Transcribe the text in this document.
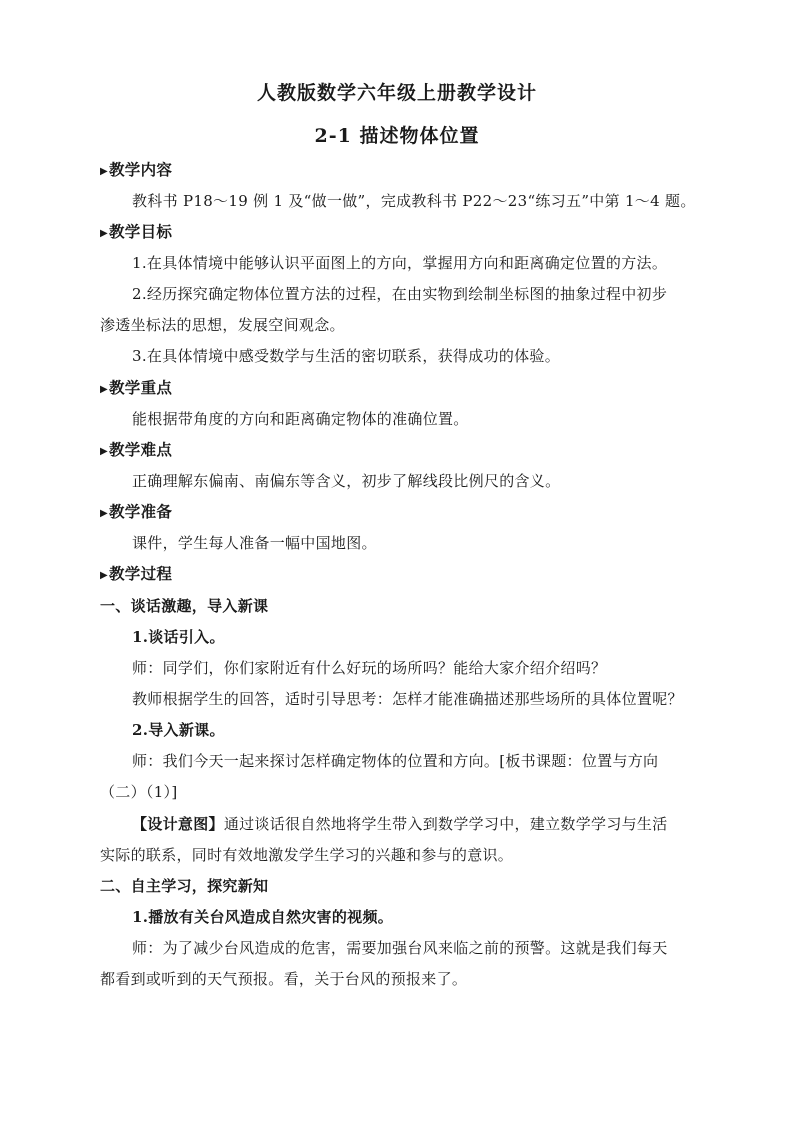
人教版数学六年级上册教学设计
2-1 描述物体位置
▶教学内容
教科书 P18～19 例 1 及“做一做”，完成教科书 P22～23“练习五”中第 1～4 题。
▶教学目标
1.在具体情境中能够认识平面图上的方向，掌握用方向和距离确定位置的方法。
2.经历探究确定物体位置方法的过程，在由实物到绘制坐标图的抽象过程中初步
渗透坐标法的思想，发展空间观念。
3.在具体情境中感受数学与生活的密切联系，获得成功的体验。
▶教学重点
能根据带角度的方向和距离确定物体的准确位置。
▶教学难点
正确理解东偏南、南偏东等含义，初步了解线段比例尺的含义。
▶教学准备
课件，学生每人准备一幅中国地图。
▶教学过程
一、谈话激趣，导入新课
1.谈话引入。
师：同学们，你们家附近有什么好玩的场所吗？能给大家介绍介绍吗？
教师根据学生的回答，适时引导思考：怎样才能准确描述那些场所的具体位置呢？
2.导入新课。
师：我们今天一起来探讨怎样确定物体的位置和方向。[板书课题：位置与方向
（二）（1）]
【设计意图】通过谈话很自然地将学生带入到数学学习中，建立数学学习与生活
实际的联系，同时有效地激发学生学习的兴趣和参与的意识。
二、自主学习，探究新知
1.播放有关台风造成自然灾害的视频。
师：为了减少台风造成的危害，需要加强台风来临之前的预警。这就是我们每天
都看到或听到的天气预报。看，关于台风的预报来了。
